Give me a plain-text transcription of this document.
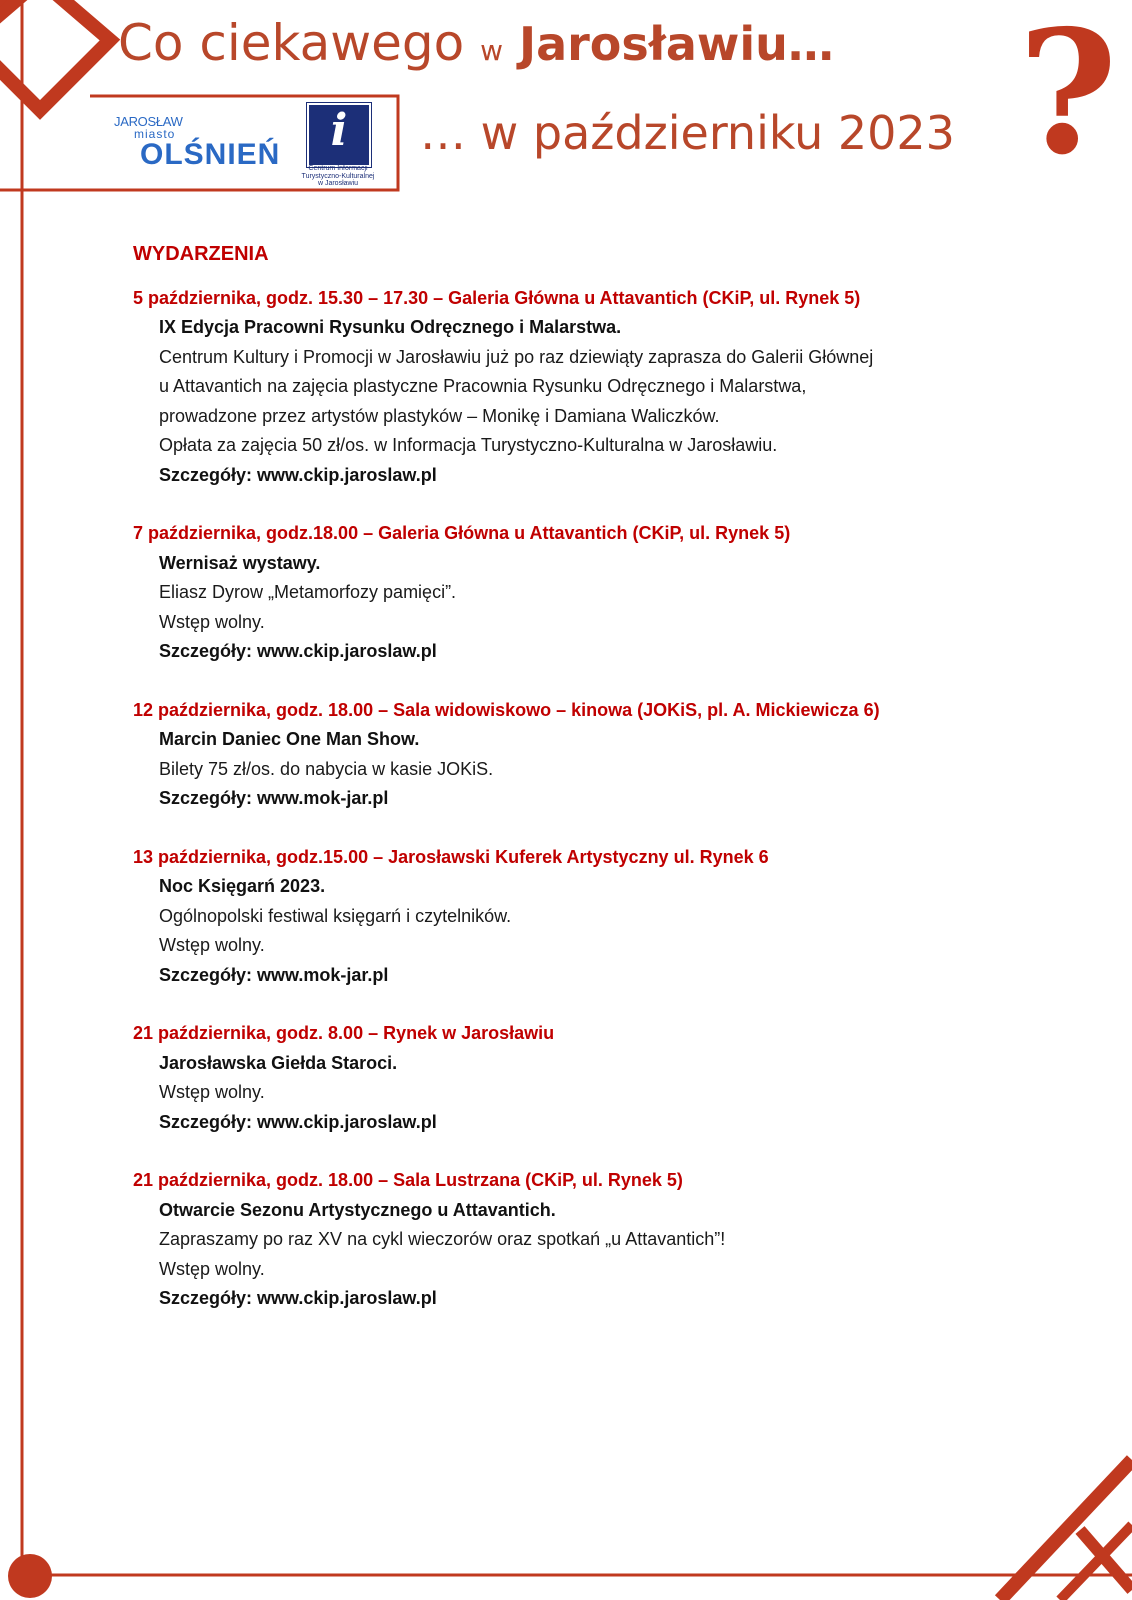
Co ciekawego w Jarosławiu…
… w październiku 2023 ?
JAROSŁAW
miasto
OLŚNIEŃ	i
Centrum Informacji
Turystyczno-Kulturalnej
w Jarosławiu
WYDARZENIA
5 października, godz. 15.30 – 17.30 – Galeria Główna u Attavantich (CKiP, ul. Rynek 5)
IX Edycja Pracowni Rysunku Odręcznego i Malarstwa.
Centrum Kultury i Promocji w Jarosławiu już po raz dziewiąty zaprasza do Galerii Głównej
u Attavantich na zajęcia plastyczne Pracownia Rysunku Odręcznego i Malarstwa,
prowadzone przez artystów plastyków – Monikę i Damiana Waliczków.
Opłata za zajęcia 50 zł/os. w Informacja Turystyczno-Kulturalna w Jarosławiu.
Szczegóły: www.ckip.jaroslaw.pl
7 października, godz.18.00 – Galeria Główna u Attavantich (CKiP, ul. Rynek 5)
Wernisaż wystawy.
Eliasz Dyrow „Metamorfozy pamięci”.
Wstęp wolny.
Szczegóły: www.ckip.jaroslaw.pl
12 października, godz. 18.00 – Sala widowiskowo – kinowa (JOKiS, pl. A. Mickiewicza 6)
Marcin Daniec One Man Show.
Bilety 75 zł/os. do nabycia w kasie JOKiS.
Szczegóły: www.mok-jar.pl
13 października, godz.15.00 – Jarosławski Kuferek Artystyczny ul. Rynek 6
Noc Księgarń 2023.
Ogólnopolski festiwal księgarń i czytelników.
Wstęp wolny.
Szczegóły: www.mok-jar.pl
21 października, godz. 8.00 – Rynek w Jarosławiu
Jarosławska Giełda Staroci.
Wstęp wolny.
Szczegóły: www.ckip.jaroslaw.pl
21 października, godz. 18.00 – Sala Lustrzana (CKiP, ul. Rynek 5)
Otwarcie Sezonu Artystycznego u Attavantich.
Zapraszamy po raz XV na cykl wieczorów oraz spotkań „u Attavantich”!
Wstęp wolny.
Szczegóły: www.ckip.jaroslaw.pl
